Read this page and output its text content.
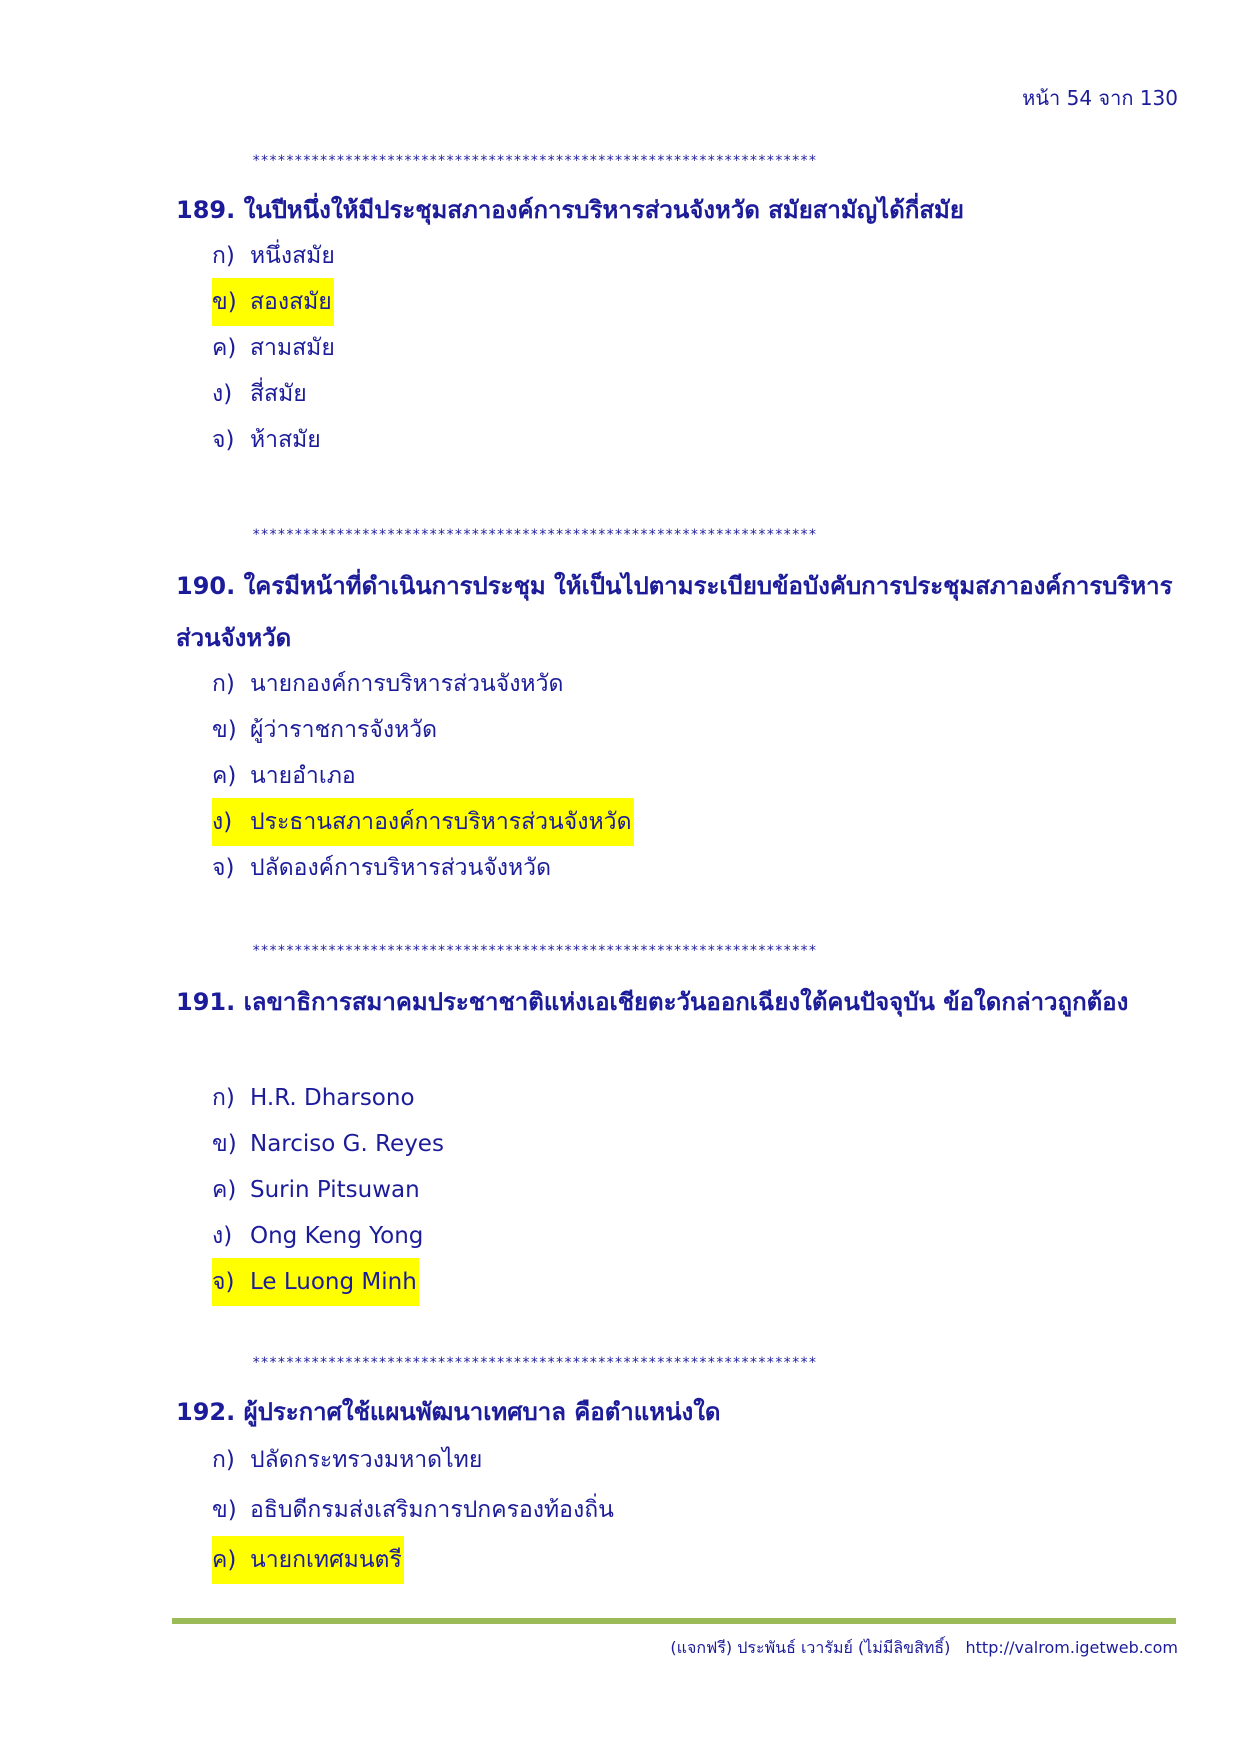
หน้า 54 จาก 130
*******************************************************************
189. ในปีหนึ่งให้มีประชุมสภาองค์การบริหารส่วนจังหวัด สมัยสามัญได้กี่สมัย
ก) หนึ่งสมัย
ข) สองสมัย
ค) สามสมัย
ง) สี่สมัย
จ) ห้าสมัย
*******************************************************************
190. ใครมีหน้าที่ดำเนินการประชุม ให้เป็นไปตามระเบียบข้อบังคับการประชุมสภาองค์การบริหารส่วนจังหวัด
ก) นายกองค์การบริหารส่วนจังหวัด
ข) ผู้ว่าราชการจังหวัด
ค) นายอำเภอ
ง) ประธานสภาองค์การบริหารส่วนจังหวัด
จ) ปลัดองค์การบริหารส่วนจังหวัด
*******************************************************************
191. เลขาธิการสมาคมประชาชาติแห่งเอเชียตะวันออกเฉียงใต้คนปัจจุบัน ข้อใดกล่าวถูกต้อง
ก) H.R. Dharsono
ข) Narciso G. Reyes
ค) Surin Pitsuwan
ง) Ong Keng Yong
จ) Le Luong Minh
*******************************************************************
192. ผู้ประกาศใช้แผนพัฒนาเทศบาล คือตำแหน่งใด
ก) ปลัดกระทรวงมหาดไทย
ข) อธิบดีกรมส่งเสริมการปกครองท้องถิ่น
ค) นายกเทศมนตรี
(แจกฟรี) ประพันธ์ เวารัมย์ (ไม่มีลิขสิทธิ์) http://valrom.igetweb.com
